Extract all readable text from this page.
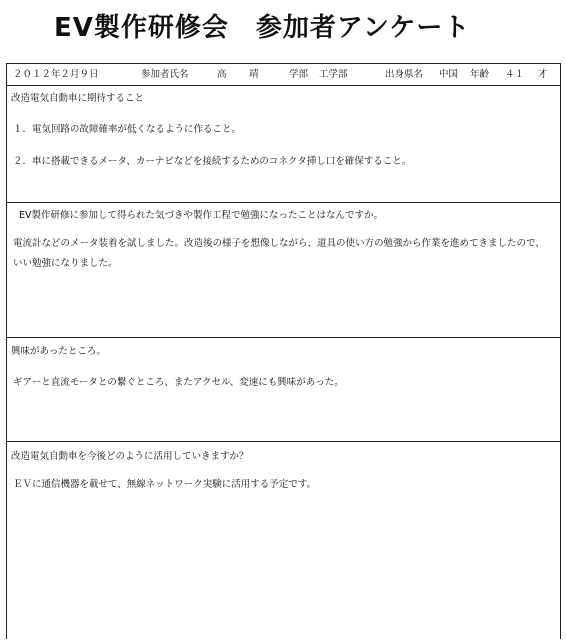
EV製作研修会　参加者アンケート
２０１２年２月９日	参加者氏名	高 靖	学部 工学部	出身県名 中国 年齢 ４１ 才
改造電気自動車に期待すること
１．電気回路の故障確率が低くなるように作ること。
２．車に搭載できるメータ、カーナビなどを接続するためのコネクタ挿し口を確保すること。
EV製作研修に参加して得られた気づきや製作工程で勉強になったことはなんですか。
電流計などのメータ装着を試しました。改造後の様子を想像しながら、道具の使い方の勉強から作業を進めてきましたので、いい勉強になりました。
興味があったところ。
ギアーと直流モータとの繋ぐところ、またアクセル、変速にも興味があった。
改造電気自動車を今後どのように活用していきますか？
ＥＶに通信機器を載せて、無線ネットワーク実験に活用する予定です。
